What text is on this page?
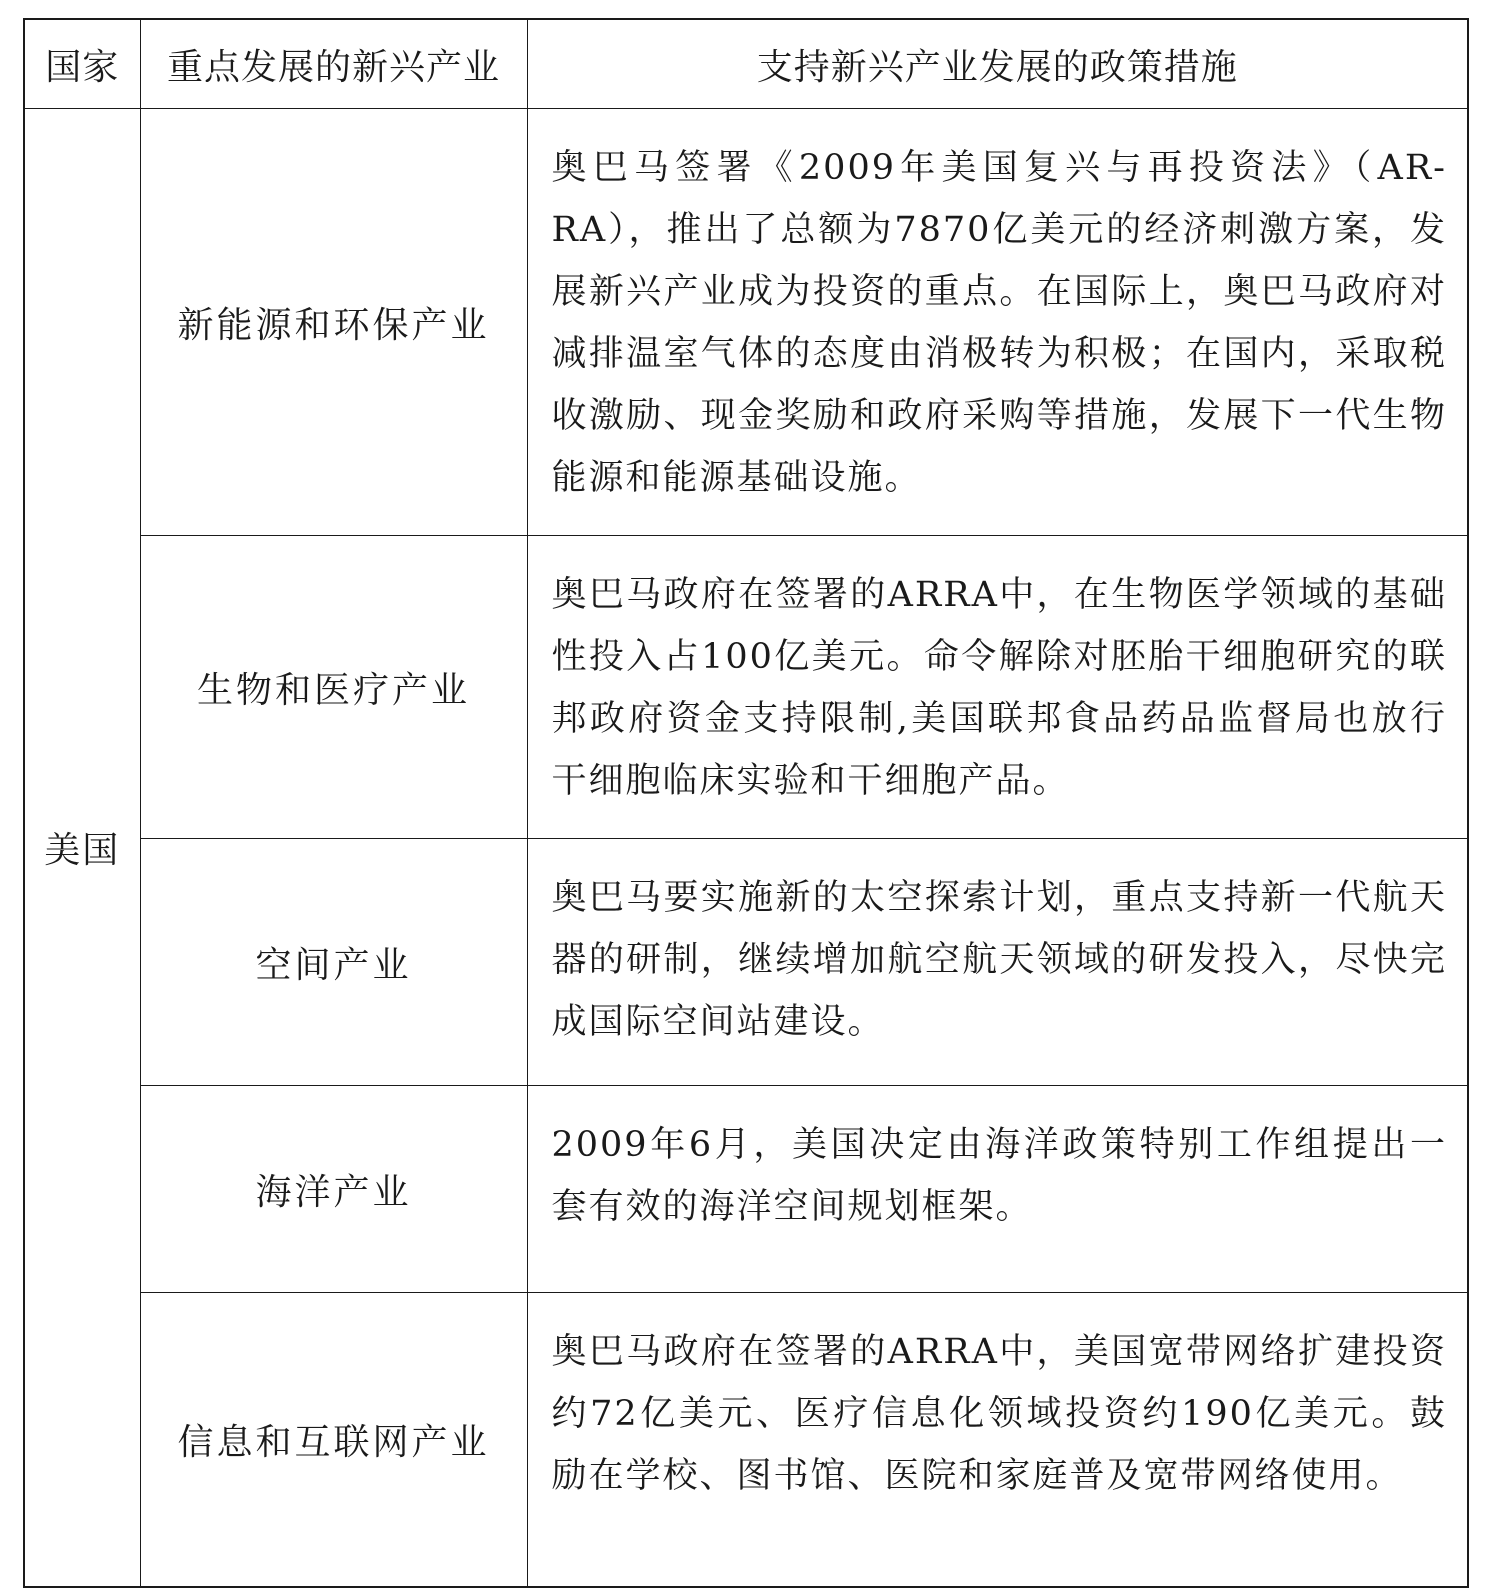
国家	重点发展的新兴产业	支持新兴产业发展的政策措施
美国	新能源和环保产业	奥巴马签署《2009年美国复兴与再投资法》（AR-RA），推出了总额为7870亿美元的经济刺激方案，发展新兴产业成为投资的重点。在国际上，奥巴马政府对减排温室气体的态度由消极转为积极；在国内，采取税收激励、现金奖励和政府采购等措施，发展下一代生物能源和能源基础设施。
	生物和医疗产业	奥巴马政府在签署的ARRA中，在生物医学领域的基础性投入占100亿美元。命令解除对胚胎干细胞研究的联邦政府资金支持限制,美国联邦食品药品监督局也放行干细胞临床实验和干细胞产品。
	空间产业	奥巴马要实施新的太空探索计划，重点支持新一代航天器的研制，继续增加航空航天领域的研发投入，尽快完成国际空间站建设。
	海洋产业	2009年6月，美国决定由海洋政策特别工作组提出一套有效的海洋空间规划框架。
	信息和互联网产业	奥巴马政府在签署的ARRA中，美国宽带网络扩建投资约72亿美元、医疗信息化领域投资约190亿美元。鼓励在学校、图书馆、医院和家庭普及宽带网络使用。
